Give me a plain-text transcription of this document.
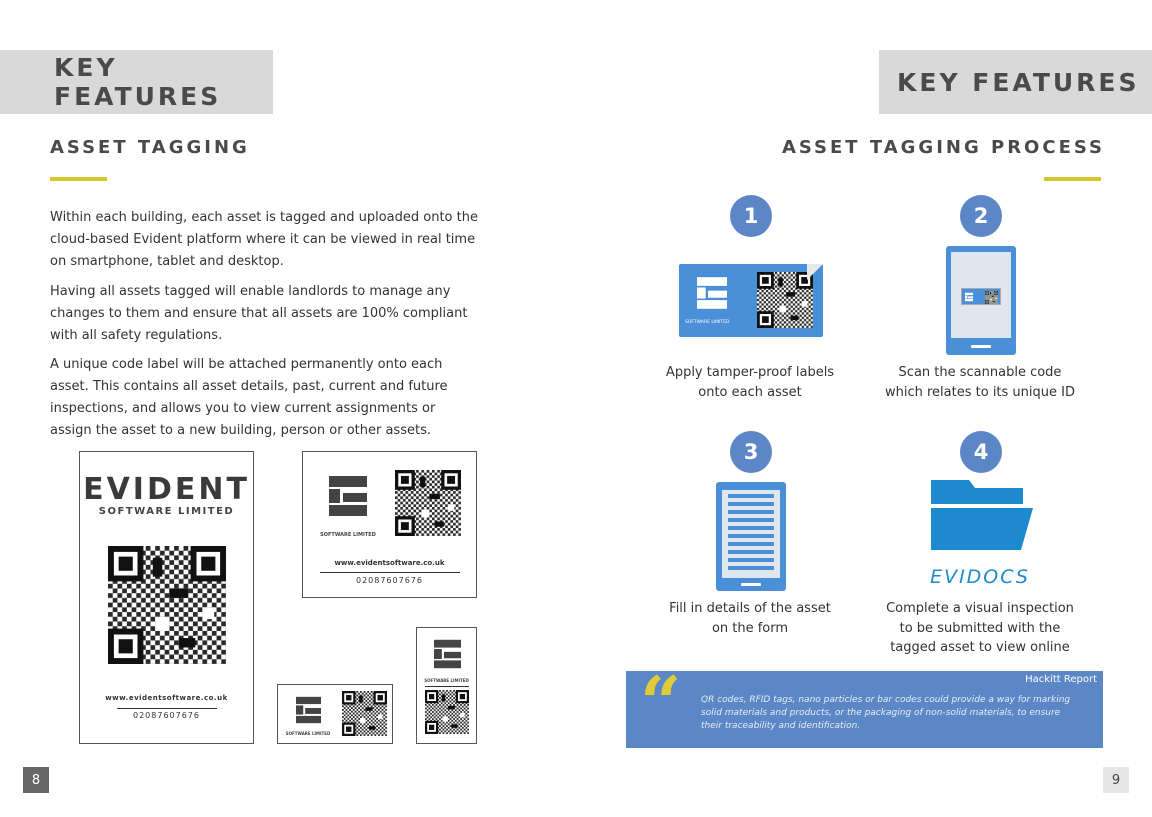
KEY FEATURES
ASSET TAGGING

Within each building, each asset is tagged and uploaded onto the cloud-based Evident platform where it can be viewed in real time on smartphone, tablet and desktop.

Having all assets tagged will enable landlords to manage any changes to them and ensure that all assets are 100% compliant with all safety regulations.

A unique code label will be attached permanently onto each asset. This contains all asset details, past, current and future inspections, and allows you to view current assignments or assign the asset to a new building, person or other assets.

EVIDENT
SOFTWARE LIMITED
www.evidentsoftware.co.uk
02087607676
SOFTWARE LIMITED
www.evidentsoftware.co.uk
02087607676
SOFTWARE LIMITED
SOFTWARE LIMITED
8
KEY FEATURES
ASSET TAGGING PROCESS
1
SOFTWARE LIMITED
Apply tamper-proof labels
onto each asset
2
Scan the scannable code
which relates to its unique ID
3
Fill in details of the asset
on the form
4
EVIDOCS
Complete a visual inspection
to be submitted with the
tagged asset to view online
Hackitt Report
“ QR codes, RFID tags, nano particles or bar codes could provide a way for marking solid materials and products, or the packaging of non-solid materials, to ensure their traceability and identification.
9
